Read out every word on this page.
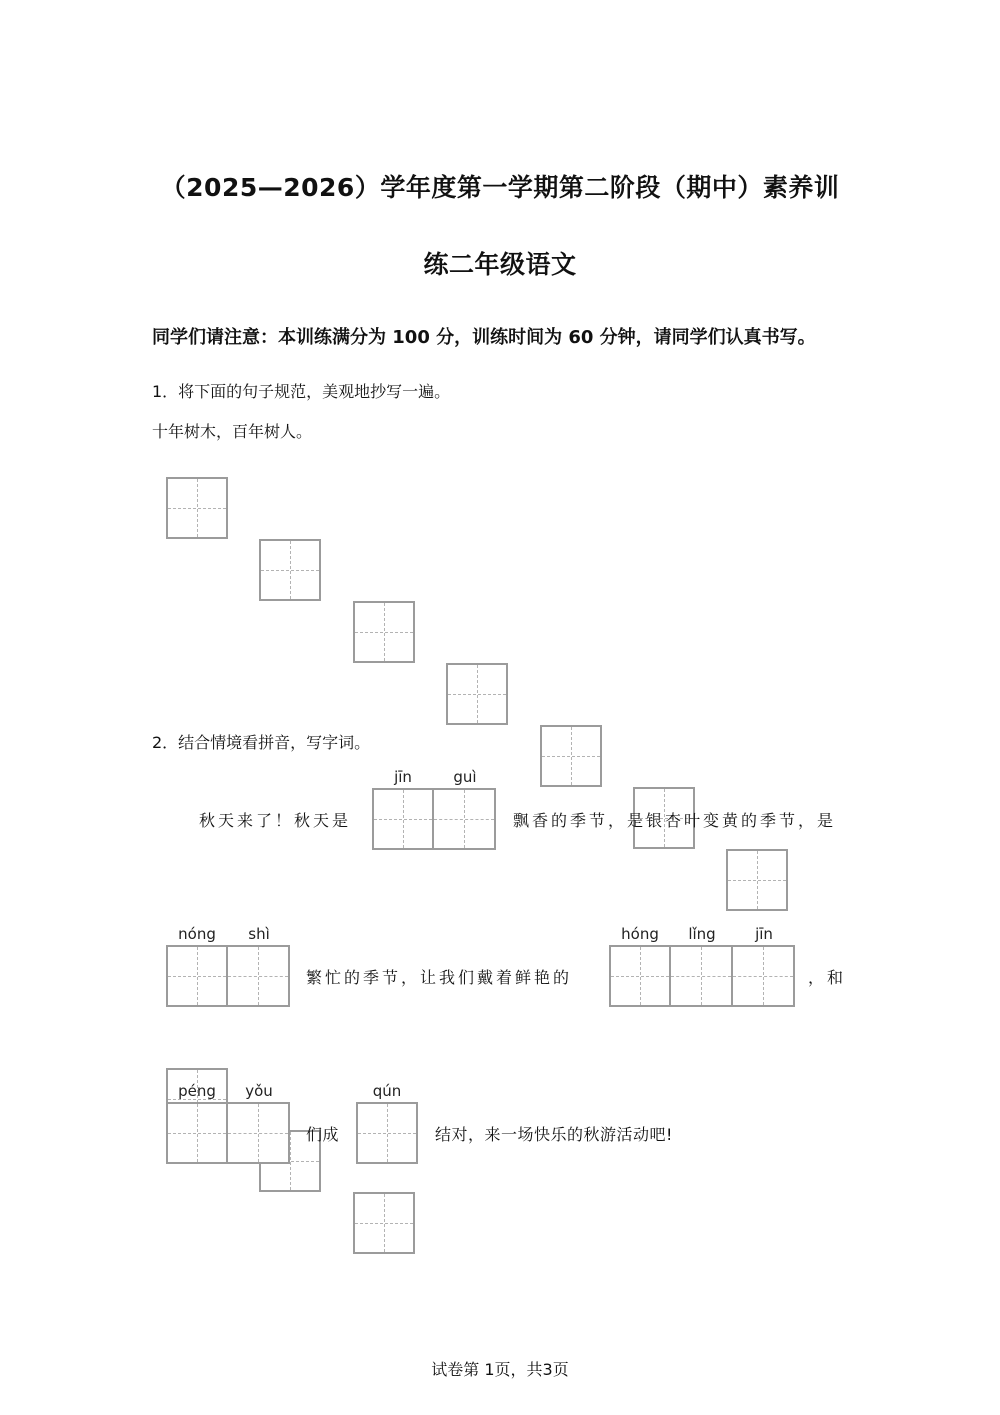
（2025—2026）学年度第一学期第二阶段（期中）素养训
练二年级语文
同学们请注意：本训练满分为 100 分，训练时间为 60 分钟，请同学们认真书写。
1．将下面的句子规范，美观地抄写一遍。
十年树木，百年树人。
2．结合情境看拼音，写字词。
秋天来了！秋天是
jīn	guì
飘香的季节，是银杏叶变黄的季节，是
nóng	shì
繁忙的季节，让我们戴着鲜艳的
hóng	lǐng	jīn
，和
péng	yǒu
们成
qún
结对，来一场快乐的秋游活动吧!
试卷第 1页，共3页
